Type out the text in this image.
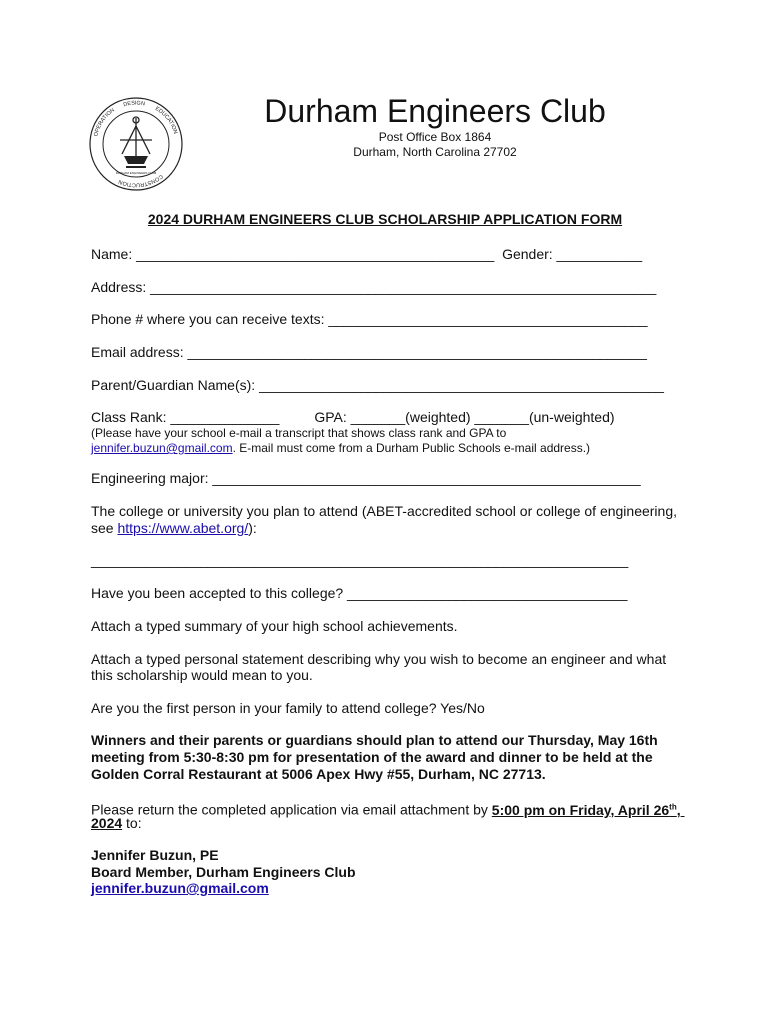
OPERATION
DESIGN
EDUCATION
CONSTRUCTION
DURHAM ENGINEERS CLUB
Durham Engineers Club
Post Office Box 1864
Durham, North Carolina 27702
2024 DURHAM ENGINEERS CLUB SCHOLARSHIP APPLICATION FORM
Name: ______________________________________________  Gender: ___________
Address: _________________________________________________________________
Phone # where you can receive texts: _________________________________________
Email address: ___________________________________________________________
Parent/Guardian Name(s): ____________________________________________________
Class Rank: ______________         GPA: _______(weighted) _______(un-weighted)
(Please have your school e-mail a transcript that shows class rank and GPA to
jennifer.buzun@gmail.com. E-mail must come from a Durham Public Schools e-mail address.)
Engineering major: _______________________________________________________
The college or university you plan to attend (ABET-accredited school or college of engineering,
see https://www.abet.org/):
_____________________________________________________________________
Have you been accepted to this college? ____________________________________
Attach a typed summary of your high school achievements.
Attach a typed personal statement describing why you wish to become an engineer and what
this scholarship would mean to you.
Are you the first person in your family to attend college? Yes/No
Winners and their parents or guardians should plan to attend our Thursday, May 16th
meeting from 5:30-8:30 pm for presentation of the award and dinner to be held at the
Golden Corral Restaurant at 5006 Apex Hwy #55, Durham, NC 27713.
Please return the completed application via email attachment by 5:00 pm on Friday, April 26th,
2024 to:
Jennifer Buzun, PE
Board Member, Durham Engineers Club
jennifer.buzun@gmail.com
